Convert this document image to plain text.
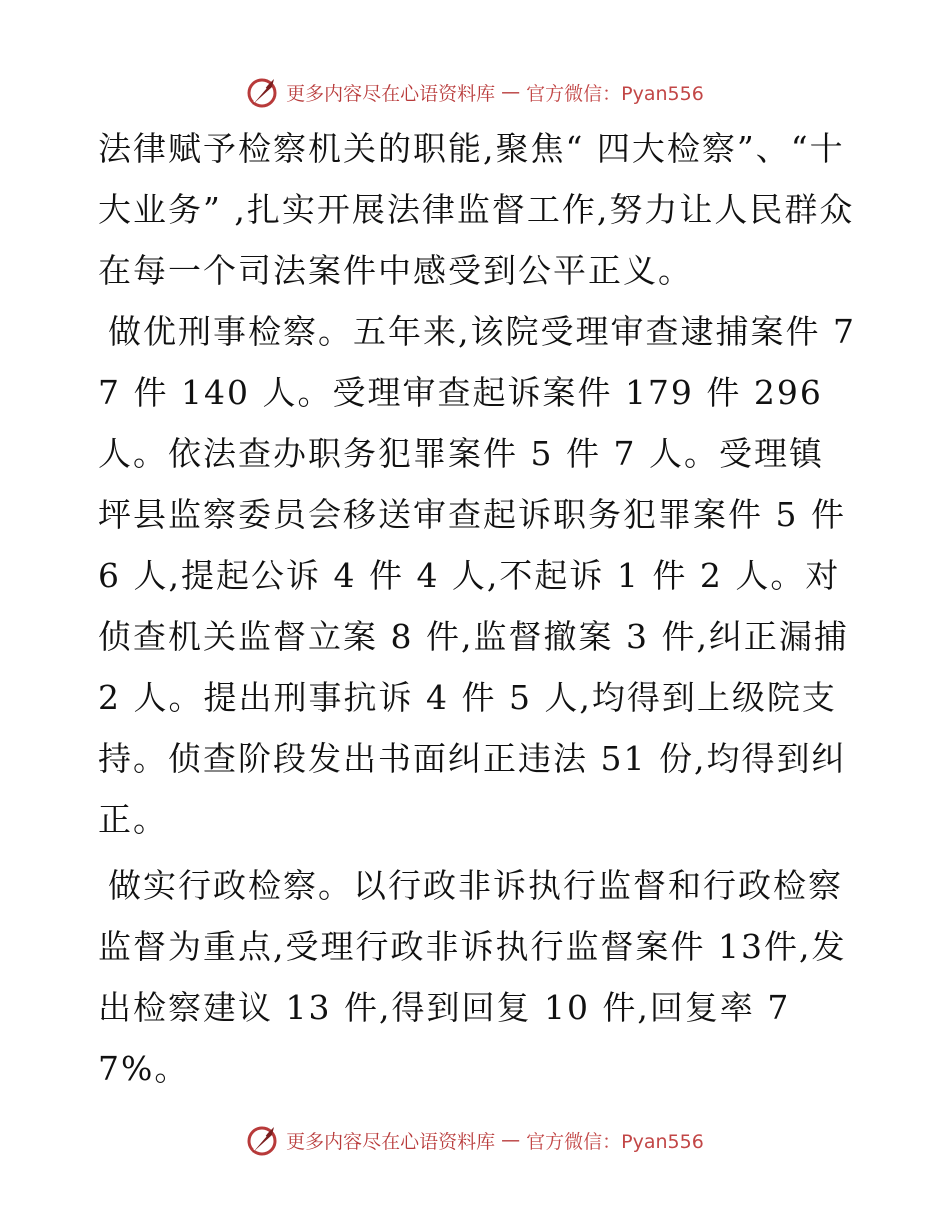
更多内容尽在心语资料库 — 官方微信：Pyan556

法律赋予检察机关的职能,聚焦“ 四大检察”、“十大业务” ,扎实开展法律监督工作,努力让人民群众在每一个司法案件中感受到公平正义。

做优刑事检察。五年来,该院受理审查逮捕案件 77 件 140 人。受理审查起诉案件 179 件 296 人。依法查办职务犯罪案件 5 件 7 人。受理镇坪县监察委员会移送审查起诉职务犯罪案件 5 件 6 人,提起公诉 4 件 4 人,不起诉 1 件 2 人。对侦查机关监督立案 8 件,监督撤案 3 件,纠正漏捕 2 人。提出刑事抗诉 4 件 5 人,均得到上级院支持。侦查阶段发出书面纠正违法 51 份,均得到纠正。

做实行政检察。以行政非诉执行监督和行政检察监督为重点,受理行政非诉执行监督案件 13件,发出检察建议 13 件,得到回复 10 件,回复率 77%。

更多内容尽在心语资料库 — 官方微信：Pyan556
